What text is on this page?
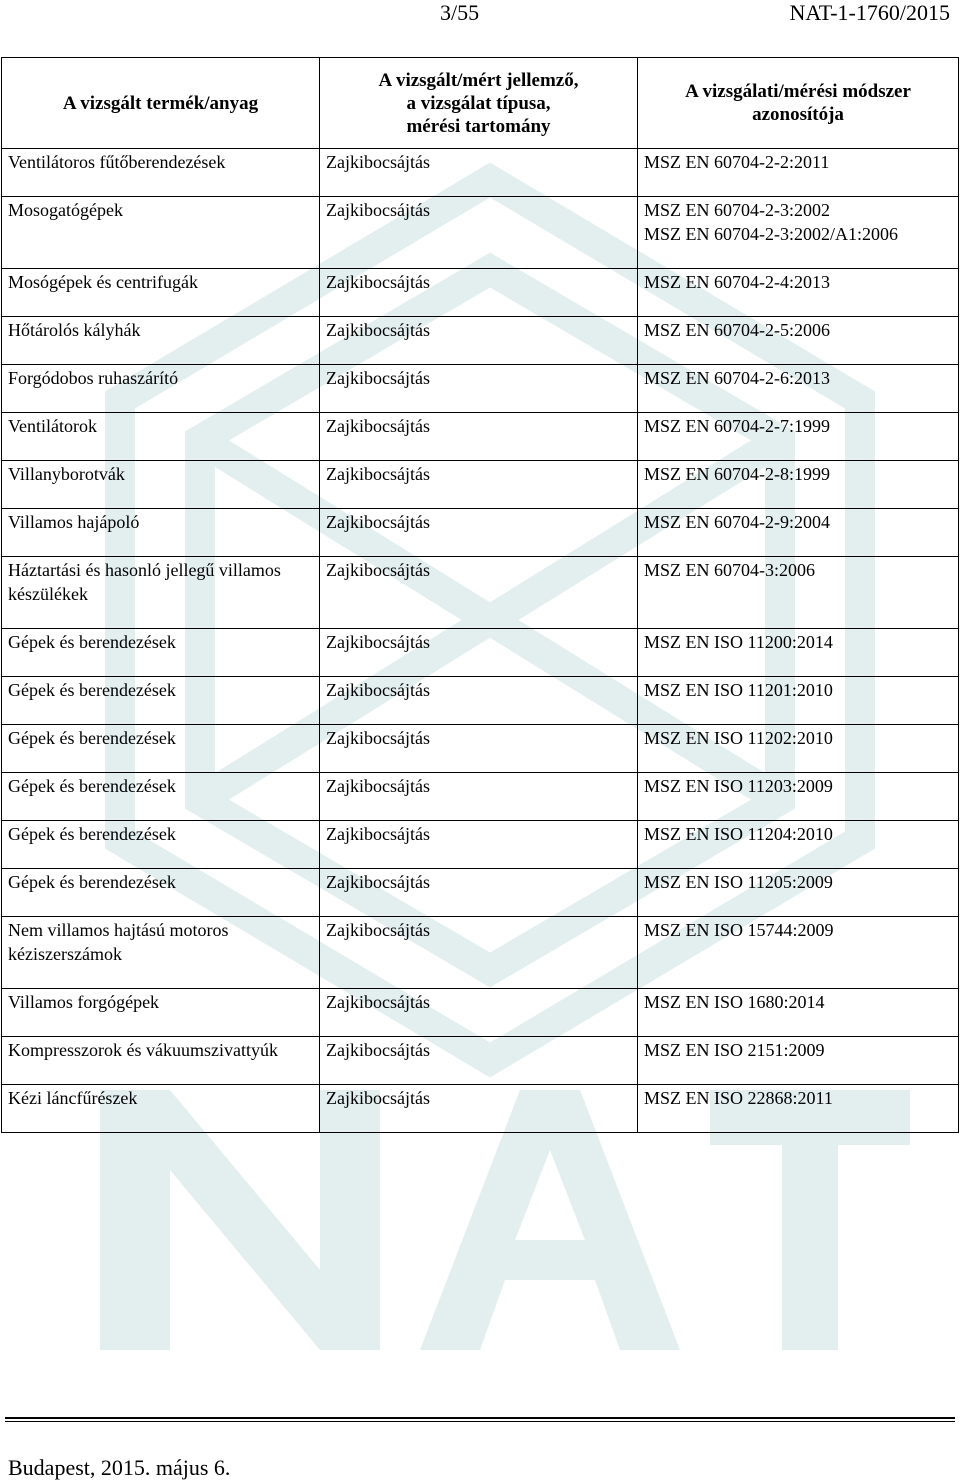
3/55	NAT-1-1760/2015
A vizsgált termék/anyag	A vizsgált/mért jellemző,
a vizsgálat típusa,
mérési tartomány	A vizsgálati/mérési módszer
azonosítója
Ventilátoros fűtőberendezések	Zajkibocsájtás	MSZ EN 60704-2-2:2011
Mosogatógépek	Zajkibocsájtás	MSZ EN 60704-2-3:2002
MSZ EN 60704-2-3:2002/A1:2006
Mosógépek és centrifugák	Zajkibocsájtás	MSZ EN 60704-2-4:2013
Hőtárolós kályhák	Zajkibocsájtás	MSZ EN 60704-2-5:2006
Forgódobos ruhaszárító	Zajkibocsájtás	MSZ EN 60704-2-6:2013
Ventilátorok	Zajkibocsájtás	MSZ EN 60704-2-7:1999
Villanyborotvák	Zajkibocsájtás	MSZ EN 60704-2-8:1999
Villamos hajápoló	Zajkibocsájtás	MSZ EN 60704-2-9:2004
Háztartási és hasonló jellegű villamos készülékek	Zajkibocsájtás	MSZ EN 60704-3:2006
Gépek és berendezések	Zajkibocsájtás	MSZ EN ISO 11200:2014
Gépek és berendezések	Zajkibocsájtás	MSZ EN ISO 11201:2010
Gépek és berendezések	Zajkibocsájtás	MSZ EN ISO 11202:2010
Gépek és berendezések	Zajkibocsájtás	MSZ EN ISO 11203:2009
Gépek és berendezések	Zajkibocsájtás	MSZ EN ISO 11204:2010
Gépek és berendezések	Zajkibocsájtás	MSZ EN ISO 11205:2009
Nem villamos hajtású motoros kéziszerszámok	Zajkibocsájtás	MSZ EN ISO 15744:2009
Villamos forgógépek	Zajkibocsájtás	MSZ EN ISO 1680:2014
Kompresszorok és vákuumszivattyúk	Zajkibocsájtás	MSZ EN ISO 2151:2009
Kézi láncfűrészek	Zajkibocsájtás	MSZ EN ISO 22868:2011
Budapest, 2015. május 6.
